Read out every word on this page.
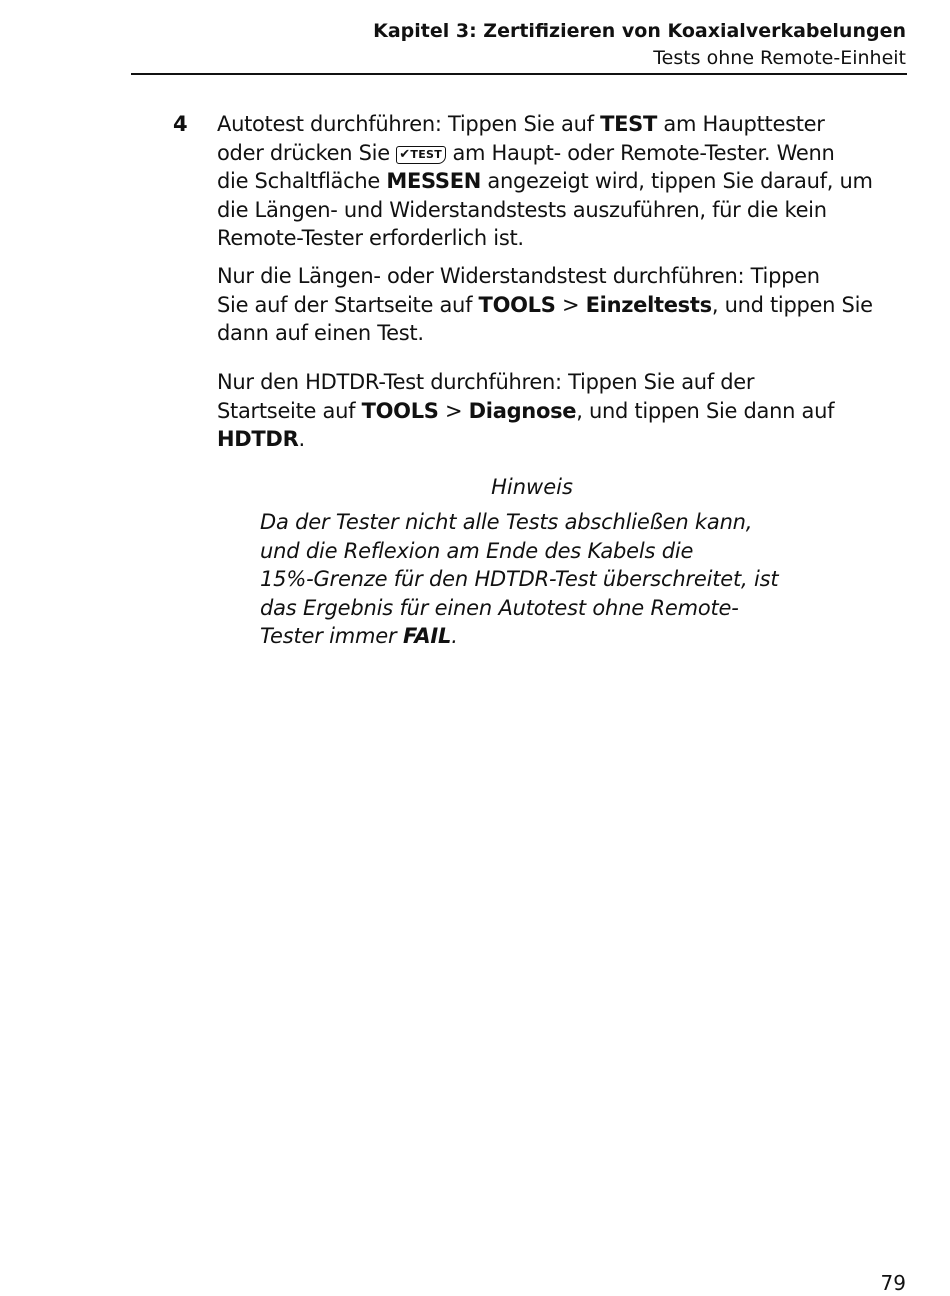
Kapitel 3: Zertifizieren von Koaxialverkabelungen
Tests ohne Remote-Einheit
4 Autotest durchführen: Tippen Sie auf TEST am Haupttester
oder drücken Sie ✔TEST am Haupt- oder Remote-Tester. Wenn
die Schaltfläche MESSEN angezeigt wird, tippen Sie darauf, um
die Längen- und Widerstandstests auszuführen, für die kein
Remote-Tester erforderlich ist.
Nur die Längen- oder Widerstandstest durchführen: Tippen
Sie auf der Startseite auf TOOLS > Einzeltests, und tippen Sie
dann auf einen Test.
Nur den HDTDR-Test durchführen: Tippen Sie auf der
Startseite auf TOOLS > Diagnose, und tippen Sie dann auf
HDTDR.
Hinweis
Da der Tester nicht alle Tests abschließen kann,
und die Reflexion am Ende des Kabels die
15%-Grenze für den HDTDR-Test überschreitet, ist
das Ergebnis für einen Autotest ohne Remote-
Tester immer FAIL.
79
